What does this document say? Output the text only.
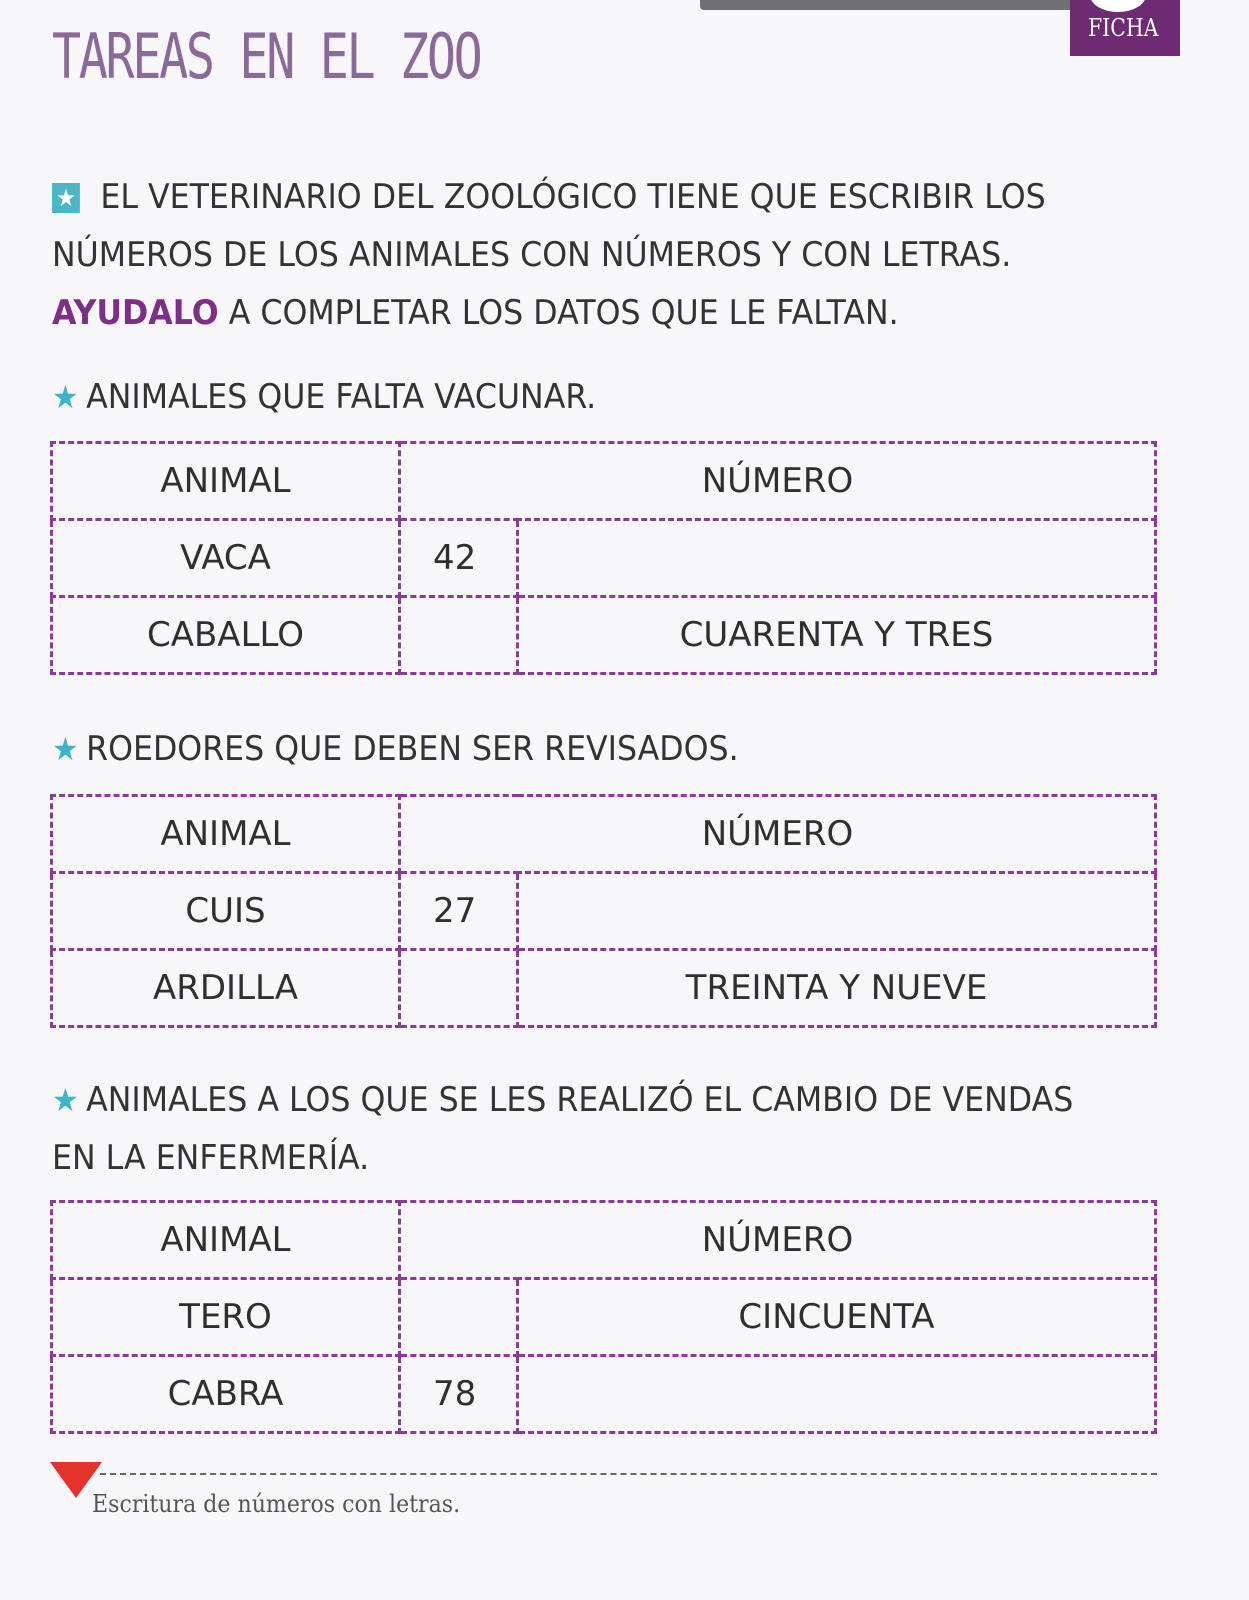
TAREAS EN EL ZOO	FICHA

★ EL VETERINARIO DEL ZOOLÓGICO TIENE QUE ESCRIBIR LOS
NÚMEROS DE LOS ANIMALES CON NÚMEROS Y CON LETRAS.
AYUDALO A COMPLETAR LOS DATOS QUE LE FALTAN.

★ ANIMALES QUE FALTA VACUNAR.

ANIMAL	NÚMERO	
VACA	42	
CABALLO		CUARENTA Y TRES

★ ROEDORES QUE DEBEN SER REVISADOS.

ANIMAL	NÚMERO	
CUIS	27	
ARDILLA		TREINTA Y NUEVE

★ ANIMALES A LOS QUE SE LES REALIZÓ EL CAMBIO DE VENDAS
EN LA ENFERMERÍA.

ANIMAL	NÚMERO	
TERO		CINCUENTA
CABRA	78	
Escritura de números con letras.
